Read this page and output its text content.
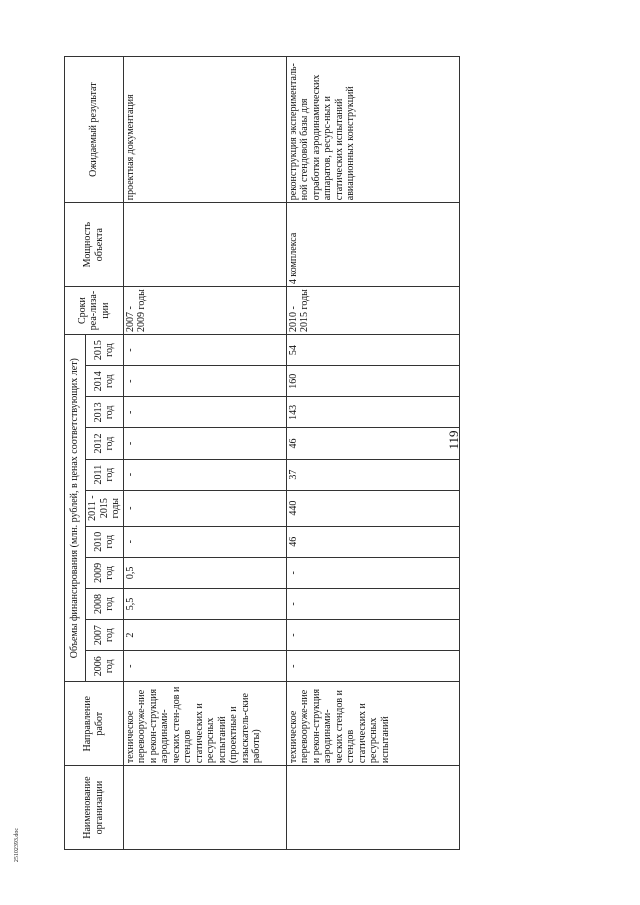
119
25102393.doc
Наименование организации	Направление работ	Объемы финансирования (млн. рублей, в ценах соответствующих лет)											Сроки реа-лиза-ции	Мощность объекта	Ожидаемый результат
		2006 год	2007 год	2008 год	2009 год	2010 год	2011 - 2015 годы	2011 год	2012 год	2013 год	2014 год	2015 год			
	техническое перевооруже-ние и рекон-струкция аэродинами-ческих стен-дов и стендов статических и ресурсных испытаний (проектные и изыскатель-ские работы)	-	2	5,5	0,5	-	-	-	-	-	-	-	2007 - 2009 годы		проектная документация
	техническое перевооруже-ние и рекон-струкция аэродинами-ческих стендов и стендов статических и ресурсных испытаний	-	-	-	-	46	440	37	46	143	160	54	2010 - 2015 годы	4 комплекса	реконструкция эксперименталь-ной стендовой базы для отработки аэродинамических аппаратов, ресурс-ных и статических испытаний авиационных конструкций
